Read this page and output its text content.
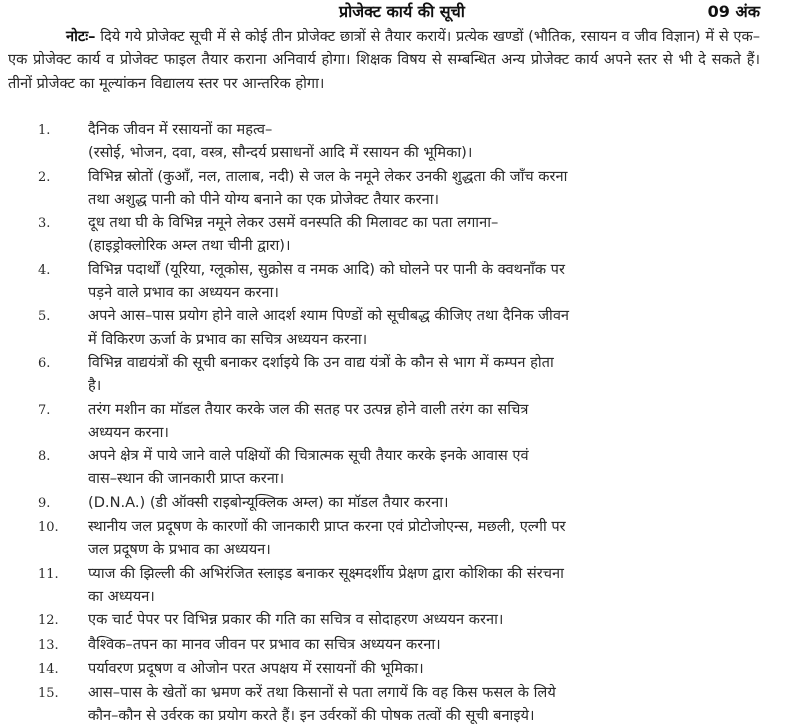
प्रोजेक्ट कार्य की सूची	09 अंक

नोटः– दिये गये प्रोजेक्ट सूची में से कोई तीन प्रोजेक्ट छात्रों से तैयार करायें। प्रत्येक खण्डों (भौतिक, रसायन व जीव विज्ञान) में से एक–एक प्रोजेक्ट कार्य व प्रोजेक्ट फाइल तैयार कराना अनिवार्य होगा। शिक्षक विषय से सम्बन्धित अन्य प्रोजेक्ट कार्य अपने स्तर से भी दे सकते हैं। तीनों प्रोजेक्ट का मूल्यांकन विद्यालय स्तर पर आन्तरिक होगा।

1.	दैनिक जीवन में रसायनों का महत्व–
(रसोई, भोजन, दवा, वस्त्र, सौन्दर्य प्रसाधनों आदि में रसायन की भूमिका)।
2.	विभिन्न स्रोतों (कुआँ, नल, तालाब, नदी) से जल के नमूने लेकर उनकी शुद्धता की जाँच करना
तथा अशुद्ध पानी को पीने योग्य बनाने का एक प्रोजेक्ट तैयार करना।
3.	दूध तथा घी के विभिन्न नमूने लेकर उसमें वनस्पति की मिलावट का पता लगाना–
(हाइड्रोक्लोरिक अम्ल तथा चीनी द्वारा)।
4.	विभिन्न पदार्थों (यूरिया, ग्लूकोस, सुक्रोस व नमक आदि) को घोलने पर पानी के क्वथनाँक पर
पड़ने वाले प्रभाव का अध्ययन करना।
5.	अपने आस–पास प्रयोग होने वाले आदर्श श्याम पिण्डों को सूचीबद्ध कीजिए तथा दैनिक जीवन
में विकिरण ऊर्जा के प्रभाव का सचित्र अध्ययन करना।
6.	विभिन्न वाद्ययंत्रों की सूची बनाकर दर्शाइये कि उन वाद्य यंत्रों के कौन से भाग में कम्पन होता
है।
7.	तरंग मशीन का मॉडल तैयार करके जल की सतह पर उत्पन्न होने वाली तरंग का सचित्र
अध्ययन करना।
8.	अपने क्षेत्र में पाये जाने वाले पक्षियों की चित्रात्मक सूची तैयार करके इनके आवास एवं
वास–स्थान की जानकारी प्राप्त करना।
9.	(D.N.A.) (डी ऑक्सी राइबोन्यूक्लिक अम्ल) का मॉडल तैयार करना।
10.	स्थानीय जल प्रदूषण के कारणों की जानकारी प्राप्त करना एवं प्रोटोजोएन्स, मछली, एल्गी पर
जल प्रदूषण के प्रभाव का अध्ययन।
11.	प्याज की झिल्ली की अभिरंजित स्लाइड बनाकर सूक्ष्मदर्शीय प्रेक्षण द्वारा कोशिका की संरचना
का अध्ययन।
12.	एक चार्ट पेपर पर विभिन्न प्रकार की गति का सचित्र व सोदाहरण अध्ययन करना।
13.	वैश्विक–तपन का मानव जीवन पर प्रभाव का सचित्र अध्ययन करना।
14.	पर्यावरण प्रदूषण व ओजोन परत अपक्षय में रसायनों की भूमिका।
15.	आस–पास के खेतों का भ्रमण करें तथा किसानों से पता लगायें कि वह किस फसल के लिये
कौन–कौन से उर्वरक का प्रयोग करते हैं। इन उर्वरकों की पोषक तत्वों की सूची बनाइये।
